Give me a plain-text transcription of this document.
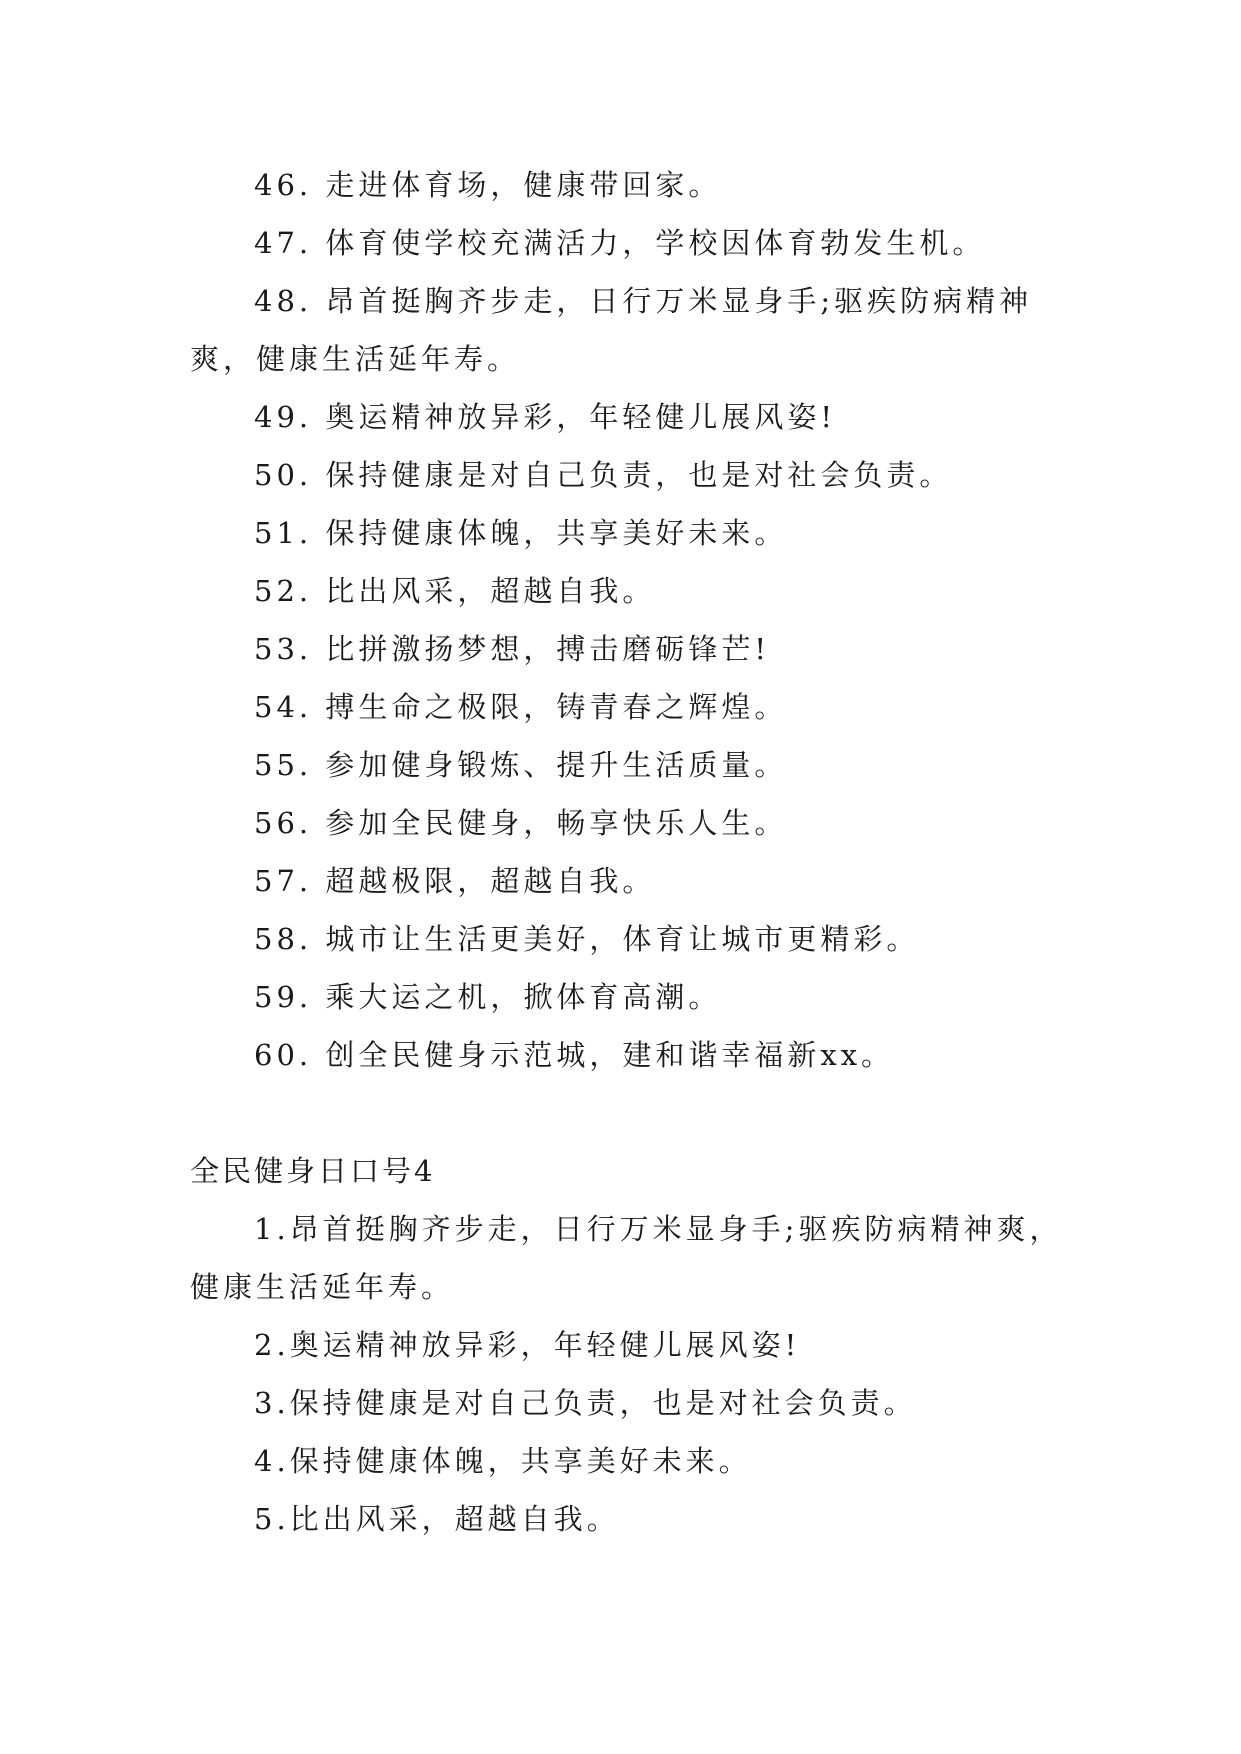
46. 走进体育场，健康带回家。
47. 体育使学校充满活力，学校因体育勃发生机。
48. 昂首挺胸齐步走，日行万米显身手;驱疾防病精神
爽，健康生活延年寿。
49. 奥运精神放异彩，年轻健儿展风姿!
50. 保持健康是对自己负责，也是对社会负责。
51. 保持健康体魄，共享美好未来。
52. 比出风采，超越自我。
53. 比拼激扬梦想，搏击磨砺锋芒!
54. 搏生命之极限，铸青春之辉煌。
55. 参加健身锻炼、提升生活质量。
56. 参加全民健身，畅享快乐人生。
57. 超越极限，超越自我。
58. 城市让生活更美好，体育让城市更精彩。
59. 乘大运之机，掀体育高潮。
60. 创全民健身示范城，建和谐幸福新xx。
全民健身日口号4
1.昂首挺胸齐步走，日行万米显身手;驱疾防病精神爽，
健康生活延年寿。
2.奥运精神放异彩，年轻健儿展风姿!
3.保持健康是对自己负责，也是对社会负责。
4.保持健康体魄，共享美好未来。
5.比出风采，超越自我。
